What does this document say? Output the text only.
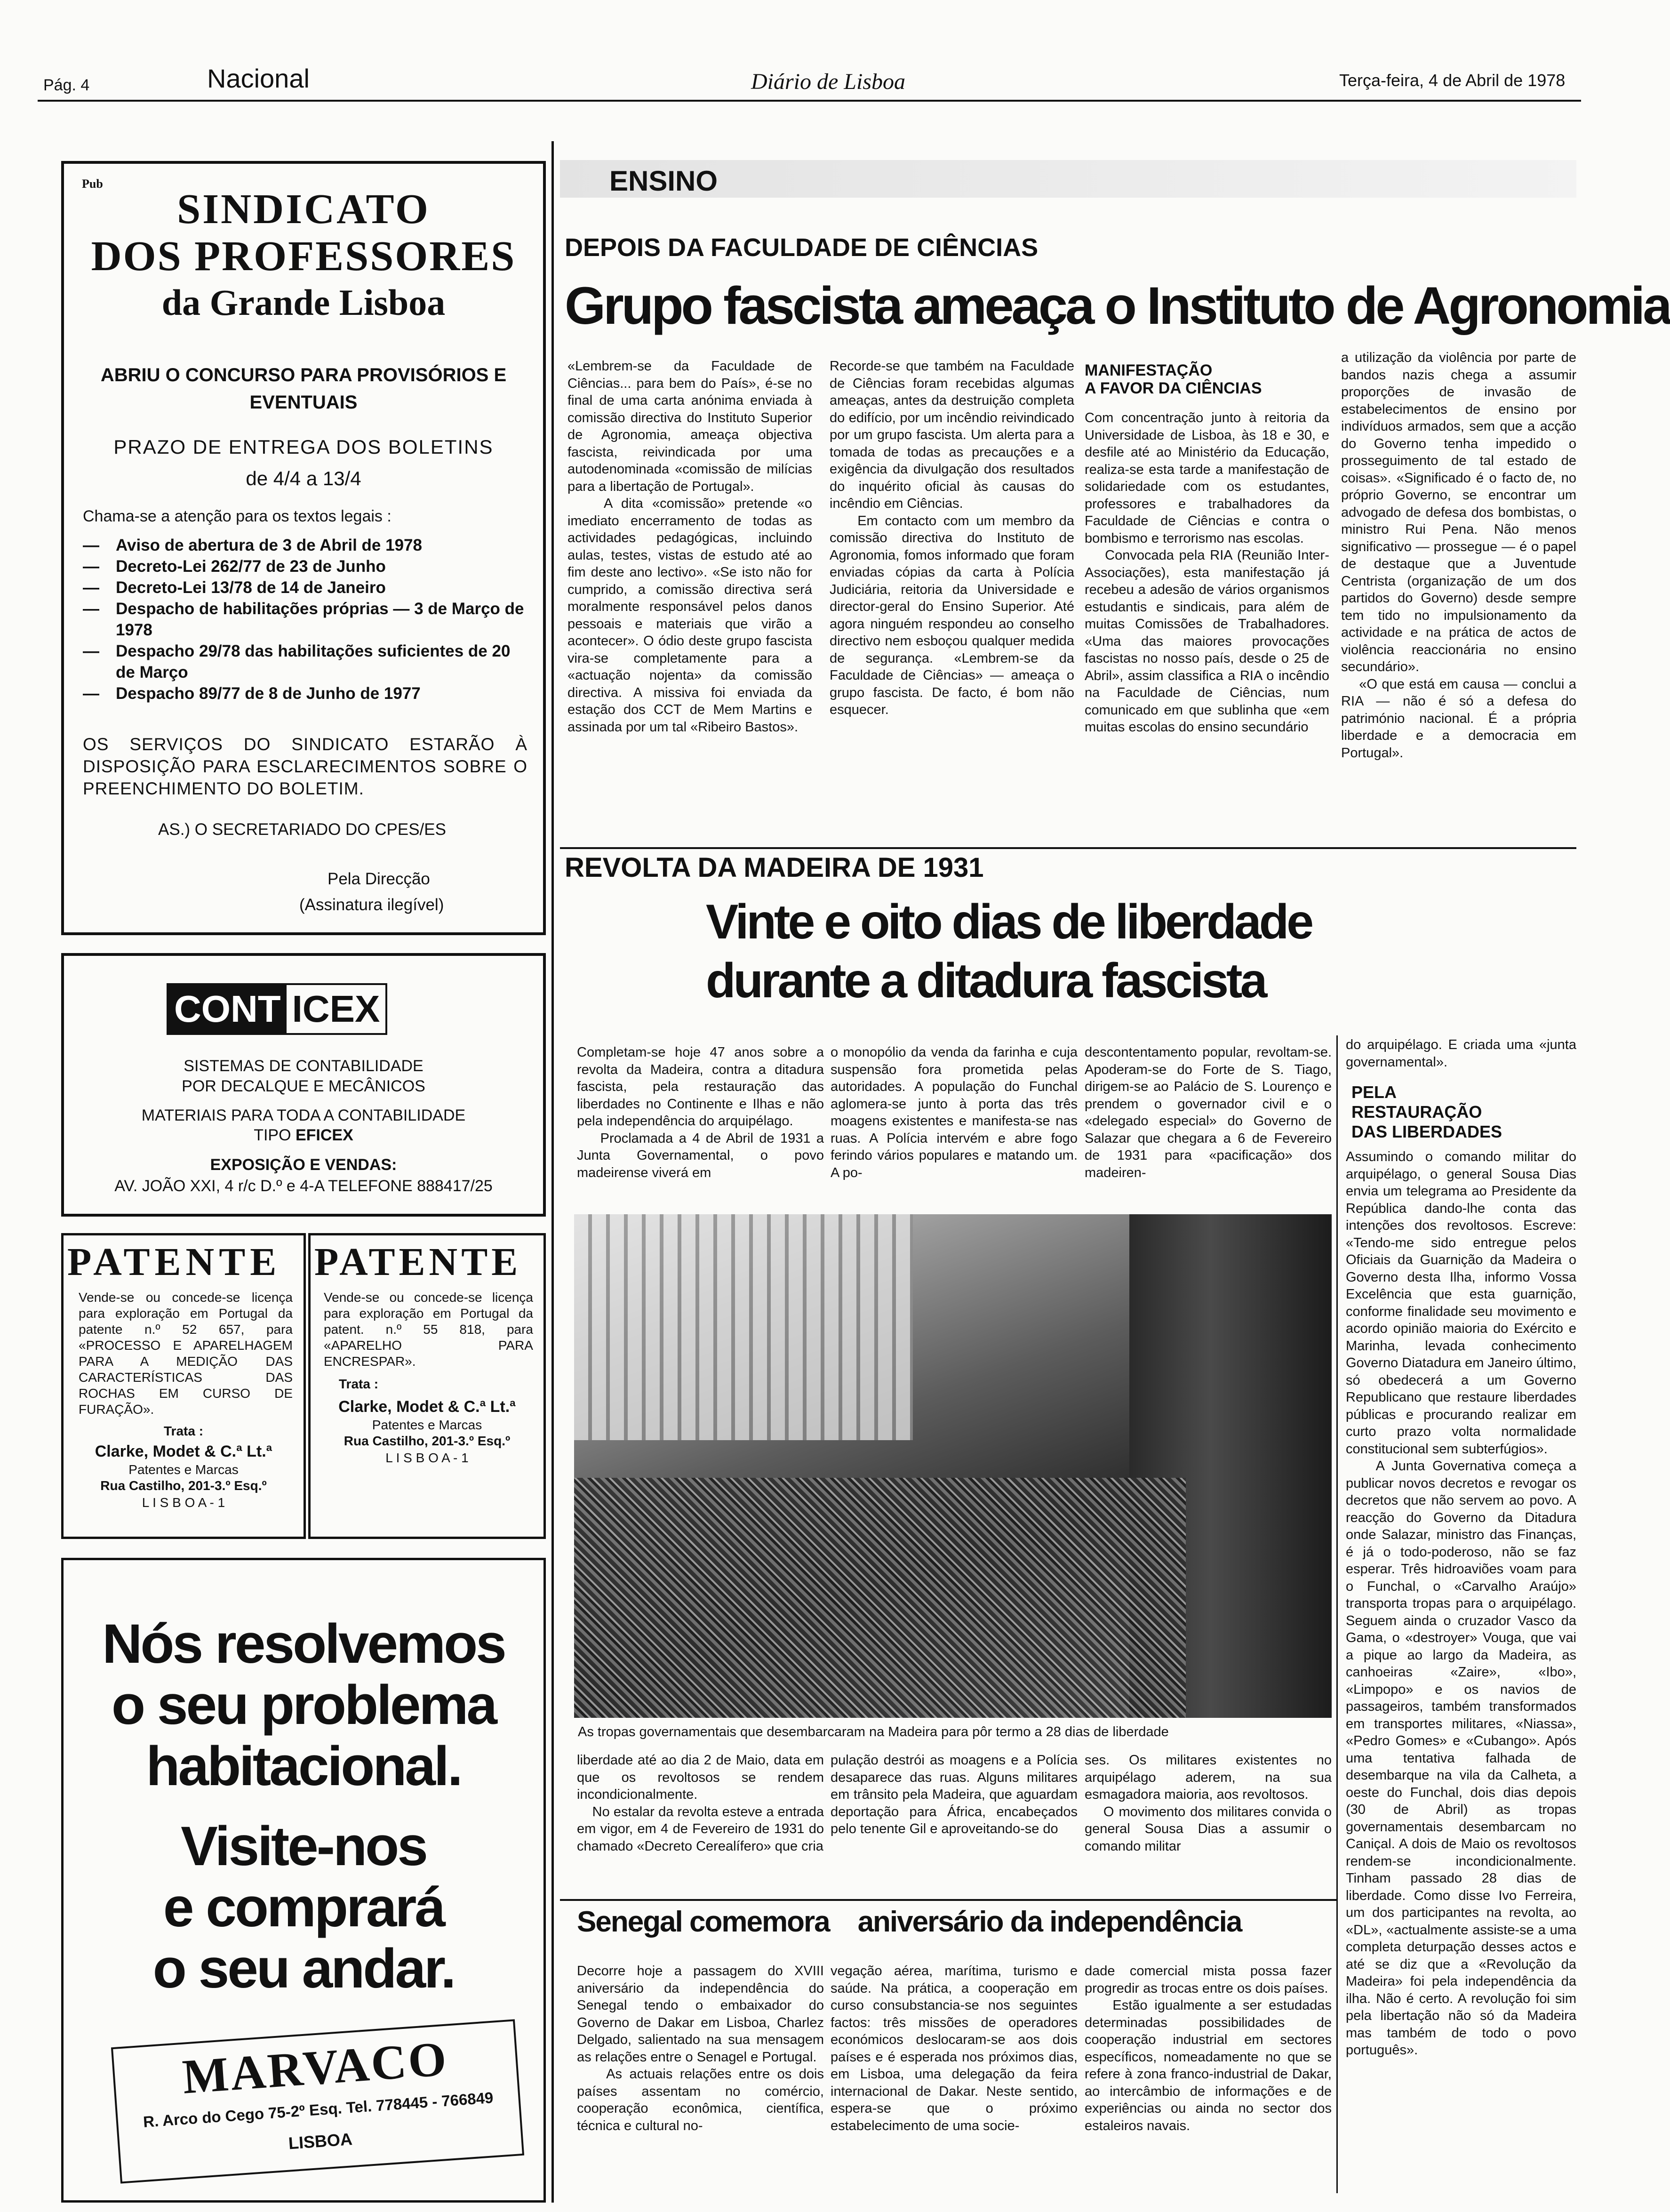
Pág. 4	Nacional	Diário de Lisboa	Terça-feira, 4 de Abril de 1978
Pub
SINDICATO
DOS PROFESSORES
da Grande Lisboa
ABRIU O CONCURSO PARA PROVISÓRIOS E EVENTUAIS
PRAZO DE ENTREGA DOS BOLETINS
de 4/4 a 13/4
Chama-se a atenção para os textos legais :
— Aviso de abertura de 3 de Abril de 1978
— Decreto-Lei 262/77 de 23 de Junho
— Decreto-Lei 13/78 de 14 de Janeiro
— Despacho de habilitações próprias — 3 de Março de 1978
— Despacho 29/78 das habilitações suficientes de 20 de Março
— Despacho 89/77 de 8 de Junho de 1977
OS SERVIÇOS DO SINDICATO ESTARÃO À DISPOSIÇÃO PARA ESCLARECIMENTOS SOBRE O PREENCHIMENTO DO BOLETIM.
AS.) O SECRETARIADO DO CPES/ES
Pela Direcção
(Assinatura ilegível)
CONT ICEX
SISTEMAS DE CONTABILIDADE
POR DECALQUE E MECÂNICOS
MATERIAIS PARA TODA A CONTABILIDADE
TIPO EFICEX
EXPOSIÇÃO E VENDAS:
AV. JOÃO XXI, 4 r/c D.º e 4-A TELEFONE 888417/25
PATENTE
Vende-se ou concede-se licença para exploração em Portugal da patente n.º 52 657, para «PROCESSO E APARELHAGEM PARA A MEDIÇÃO DAS CARACTERÍSTICAS DAS ROCHAS EM CURSO DE FURAÇÃO».
Trata :
Clarke, Modet & C.ª Lt.ª
Patentes e Marcas
Rua Castilho, 201-3.º Esq.º
L I S B O A - 1
PATENTE
Vende-se ou concede-se licença para exploração em Portugal da patent. n.º 55 818, para «APARELHO PARA ENCRESPAR».
Trata :
Clarke, Modet & C.ª Lt.ª
Patentes e Marcas
Rua Castilho, 201-3.º Esq.º
L I S B O A - 1
Nós resolvemos
o seu problema
habitacional.
Visite-nos
e comprará
o seu andar.
MARVACO
R. Arco do Cego 75-2º Esq. Tel. 778445 - 766849
LISBOA
ENSINO
DEPOIS DA FACULDADE DE CIÊNCIAS
Grupo fascista ameaça o Instituto de Agronomia
«Lembrem-se da Faculdade de Ciências... para bem do País», é-se no final de uma carta anónima enviada à comissão directiva do Instituto Superior de Agronomia, ameaça objectiva fascista, reivindicada por uma autodenominada «comissão de milícias para a libertação de Portugal».
A dita «comissão» pretende «o imediato encerramento de todas as actividades pedagógicas, incluindo aulas, testes, vistas de estudo até ao fim deste ano lectivo». «Se isto não for cumprido, a comissão directiva será moralmente responsável pelos danos pessoais e materiais que virão a acontecer». O ódio deste grupo fascista vira-se completamente para a «actuação nojenta» da comissão directiva. A missiva foi enviada da estação dos CCT de Mem Martins e assinada por um tal «Ribeiro Bastos».
Recorde-se que também na Faculdade de Ciências foram recebidas algumas ameaças, antes da destruição completa do edifício, por um incêndio reivindicado por um grupo fascista. Um alerta para a tomada de todas as precauções e a exigência da divulgação dos resultados do inquérito oficial às causas do incêndio em Ciências.
Em contacto com um membro da comissão directiva do Instituto de Agronomia, fomos informado que foram enviadas cópias da carta à Polícia Judiciária, reitoria da Universidade e director-geral do Ensino Superior. Até agora ninguém respondeu ao conselho directivo nem esboçou qualquer medida de segurança. «Lembrem-se da Faculdade de Ciências» — ameaça o grupo fascista. De facto, é bom não esquecer.
MANIFESTAÇÃO
A FAVOR DA CIÊNCIAS
Com concentração junto à reitoria da Universidade de Lisboa, às 18 e 30, e desfile até ao Ministério da Educação, realiza-se esta tarde a manifestação de solidariedade com os estudantes, professores e trabalhadores da Faculdade de Ciências e contra o bombismo e terrorismo nas escolas.
Convocada pela RIA (Reunião Inter-Associações), esta manifestação já recebeu a adesão de vários organismos estudantis e sindicais, para além de muitas Comissões de Trabalhadores. «Uma das maiores provocações fascistas no nosso país, desde o 25 de Abril», assim classifica a RIA o incêndio na Faculdade de Ciências, num comunicado em que sublinha que «em muitas escolas do ensino secundário
a utilização da violência por parte de bandos nazis chega a assumir proporções de invasão de estabelecimentos de ensino por indivíduos armados, sem que a acção do Governo tenha impedido o prosseguimento de tal estado de coisas». «Significado é o facto de, no próprio Governo, se encontrar um advogado de defesa dos bombistas, o ministro Rui Pena. Não menos significativo — prossegue — é o papel de destaque que a Juventude Centrista (organização de um dos partidos do Governo) desde sempre tem tido no impulsionamento da actividade e na prática de actos de violência reaccionária no ensino secundário».
«O que está em causa — conclui a RIA — não é só a defesa do património nacional. É a própria liberdade e a democracia em Portugal».
REVOLTA DA MADEIRA DE 1931
Vinte e oito dias de liberdade
durante a ditadura fascista
Completam-se hoje 47 anos sobre a revolta da Madeira, contra a ditadura fascista, pela restauração das liberdades no Continente e Ilhas e não pela independência do arquipélago.
Proclamada a 4 de Abril de 1931 a Junta Governamental, o povo madeirense viverá em
o monopólio da venda da farinha e cuja suspensão fora prometida pelas autoridades. A população do Funchal aglomera-se junto à porta das três moagens existentes e manifesta-se nas ruas. A Polícia intervém e abre fogo ferindo vários populares e matando um. A po-
descontentamento popular, revoltam-se. Apoderam-se do Forte de S. Tiago, dirigem-se ao Palácio de S. Lourenço e prendem o governador civil e o «delegado especial» do Governo de Salazar que chegara a 6 de Fevereiro de 1931 para «pacificação» dos madeiren-
As tropas governamentais que desembarcaram na Madeira para pôr termo a 28 dias de liberdade
liberdade até ao dia 2 de Maio, data em que os revoltosos se rendem incondicionalmente.
No estalar da revolta esteve a entrada em vigor, em 4 de Fevereiro de 1931 do chamado «Decreto Cerealífero» que cria
pulação destrói as moagens e a Polícia desaparece das ruas. Alguns militares em trânsito pela Madeira, que aguardam deportação para África, encabeçados pelo tenente Gil e aproveitando-se do
ses. Os militares existentes no arquipélago aderem, na sua esmagadora maioria, aos revoltosos.
O movimento dos militares convida o general Sousa Dias a assumir o comando militar
do arquipélago. E criada uma «junta governamental».
PELA
RESTAURAÇÃO
DAS LIBERDADES
Assumindo o comando militar do arquipélago, o general Sousa Dias envia um telegrama ao Presidente da República dando-lhe conta das intenções dos revoltosos. Escreve: «Tendo-me sido entregue pelos Oficiais da Guarnição da Madeira o Governo desta Ilha, informo Vossa Excelência que esta guarnição, conforme finalidade seu movimento e acordo opinião maioria do Exército e Marinha, levada conhecimento Governo Diatadura em Janeiro último, só obedecerá a um Governo Republicano que restaure liberdades públicas e procurando realizar em curto prazo volta normalidade constitucional sem subterfúgios».
A Junta Governativa começa a publicar novos decretos e revogar os decretos que não servem ao povo. A reacção do Governo da Ditadura onde Salazar, ministro das Finanças, é já o todo-poderoso, não se faz esperar. Três hidroaviões voam para o Funchal, o «Carvalho Araújo» transporta tropas para o arquipélago. Seguem ainda o cruzador Vasco da Gama, o «destroyer» Vouga, que vai a pique ao largo da Madeira, as canhoeiras «Zaire», «Ibo», «Limpopo» e os navios de passageiros, também transformados em transportes militares, «Niassa», «Pedro Gomes» e «Cubango». Após uma tentativa falhada de desembarque na vila da Calheta, a oeste do Funchal, dois dias depois (30 de Abril) as tropas governamentais desembarcam no Caniçal. A dois de Maio os revoltosos rendem-se incondicionalmente. Tinham passado 28 dias de liberdade. Como disse Ivo Ferreira, um dos participantes na revolta, ao «DL», «actualmente assiste-se a uma completa deturpação desses actos e até se diz que a «Revolução da Madeira» foi pela independência da ilha. Não é certo. A revolução foi sim pela libertação não só da Madeira mas também de todo o povo português».
Senegal comemora aniversário da independência
Decorre hoje a passagem do XVIII aniversário da independência do Senegal tendo o embaixador do Governo de Dakar em Lisboa, Charlez Delgado, salientado na sua mensagem as relações entre o Senagel e Portugal.
As actuais relações entre os dois países assentam no comércio, cooperação econômica, científica, técnica e cultural no-
vegação aérea, marítima, turismo e saúde. Na prática, a cooperação em curso consubstancia-se nos seguintes factos: três missões de operadores económicos deslocaram-se aos dois países e é esperada nos próximos dias, em Lisboa, uma delegação da feira internacional de Dakar. Neste sentido, espera-se que o próximo estabelecimento de uma socie-
dade comercial mista possa fazer progredir as trocas entre os dois países.
Estão igualmente a ser estudadas determinadas possibilidades de cooperação industrial em sectores específicos, nomeadamente no que se refere à zona franco-industrial de Dakar, ao intercâmbio de informações e de experiências ou ainda no sector dos estaleiros navais.
